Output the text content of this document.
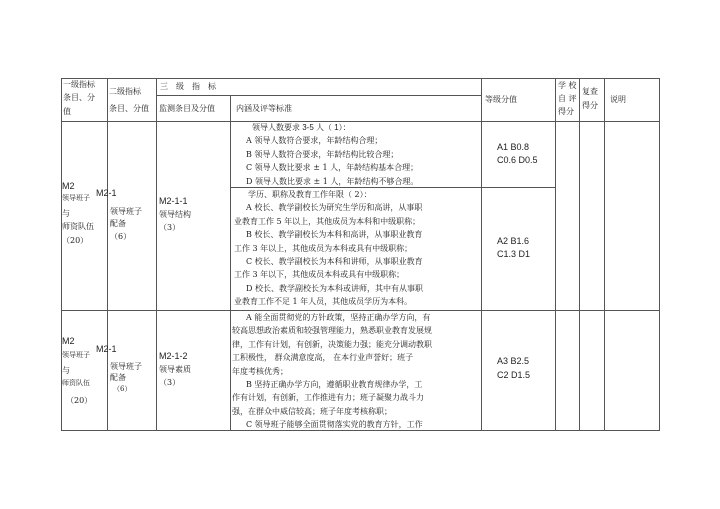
一级指标
条目、分
值
二级指标
条目、分值
三　级　指　标
监测条目及分值	内涵及评等标准
等级分值
学 校
自 评
得分
复查
得分
说明
M2
领导班子
与
师资队伍
（20）
M2-1
领导班子
配备
（6）
M2-1-1
领导结构
（3）
领导人数要求 3-5 人（ 1）：
A 领导人数符合要求，年龄结构合理；
B 领导人数符合要求，年龄结构比较合理；
C 领导人数比要求 ± 1 人，年龄结构基本合理；
D 领导人数比要求 ± 1 人，年龄结构不够合理。
学历、职称及教育工作年限（ 2）：
A 校长、教学副校长为研究生学历和高讲，从事职
业教育工作 5 年以上，其他成员为本科和中级职称；
B 校长、教学副校长为本科和高讲，从事职业教育
工作 3 年以上，其他成员为本科或具有中级职称；
C 校长、教学副校长为本科和讲师，从事职业教育
工作 3 年以下，其他成员本科或具有中级职称；
D 校长、教学副校长为本科或讲师，其中有从事职
业教育工作不足 1 年人员，其他成员学历为本科。
A1 B0.8
C0.6 D0.5
A2 B1.6
C1.3 D1
M2
领导班子
与
师资队伍
（20）
M2-1
领导班子
配备
（6）
M2-1-2
领导素质
（3）
A 能全面贯彻党的方针政策，坚持正确办学方向，有
较高思想政治素质和较强管理能力，熟悉职业教育发展规
律，工作有计划，有创新，决策能力强；能充分调动教职
工积极性， 群众满意度高， 在本行业声誉好；班子
年度考核优秀；
B 坚持正确办学方向，遵循职业教育规律办学，工
作有计划，有创新，工作推进有力；班子凝聚力战斗力
强，在群众中威信较高；班子年度考核称职；
C 领导班子能够全面贯彻落实党的教育方针，工作
A3 B2.5
C2 D1.5
